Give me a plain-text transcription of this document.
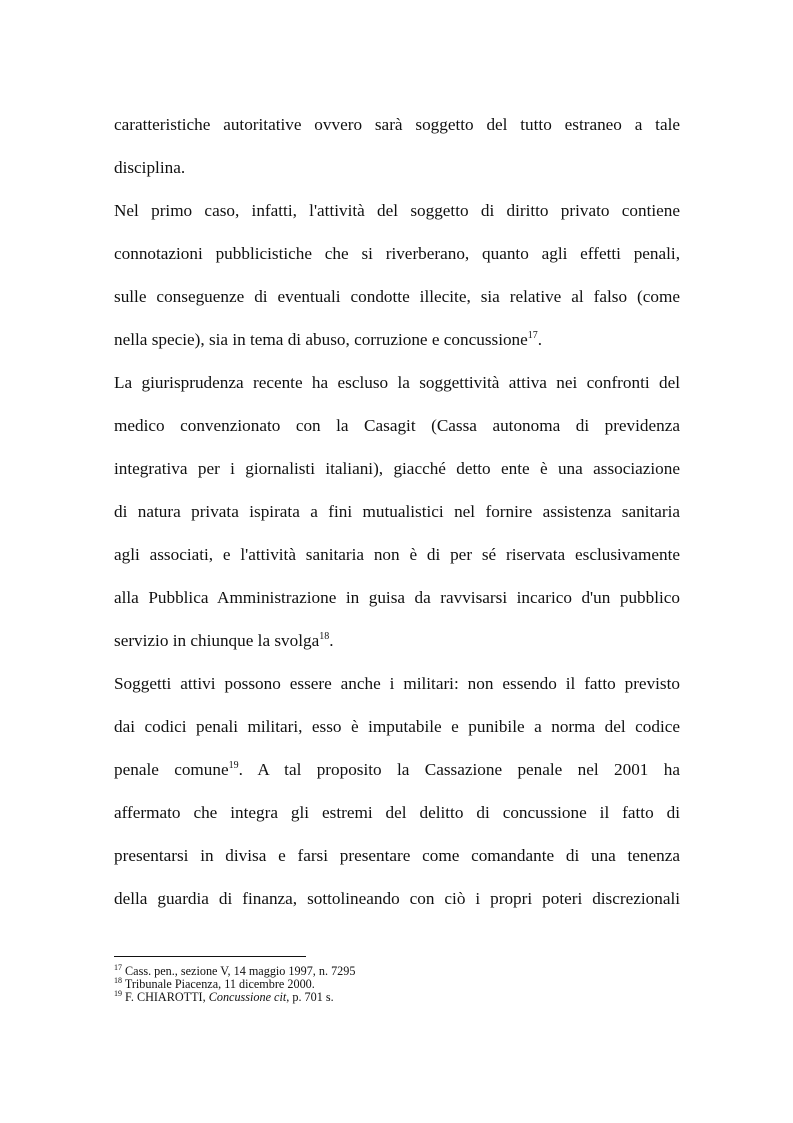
caratteristiche autoritative ovvero sarà soggetto del tutto estraneo a tale
disciplina.
Nel primo caso, infatti, l'attività del soggetto di diritto privato contiene
connotazioni pubblicistiche che si riverberano, quanto agli effetti penali,
sulle conseguenze di eventuali condotte illecite, sia relative al falso (come
nella specie), sia in tema di abuso, corruzione e concussione$^{17}$.
La giurisprudenza recente ha escluso la soggettività attiva nei confronti del
medico convenzionato con la Casagit (Cassa autonoma di previdenza
integrativa per i giornalisti italiani), giacché detto ente è una associazione
di natura privata ispirata a fini mutualistici nel fornire assistenza sanitaria
agli associati, e l'attività sanitaria non è di per sé riservata esclusivamente
alla Pubblica Amministrazione in guisa da ravvisarsi incarico d'un pubblico
servizio in chiunque la svolga$^{18}$.
Soggetti attivi possono essere anche i militari: non essendo il fatto previsto
dai codici penali militari, esso è imputabile e punibile a norma del codice
penale comune$^{19}$. A tal proposito la Cassazione penale nel 2001 ha
affermato che integra gli estremi del delitto di concussione il fatto di
presentarsi in divisa e farsi presentare come comandante di una tenenza
della guardia di finanza, sottolineando con ciò i propri poteri discrezionali
$^{17}$ Cass. pen., sezione V, 14 maggio 1997, n. 7295
$^{18}$ Tribunale Piacenza, 11 dicembre 2000.
$^{19}$ F. CHIAROTTI, Concussione cit, p. 701 s.
